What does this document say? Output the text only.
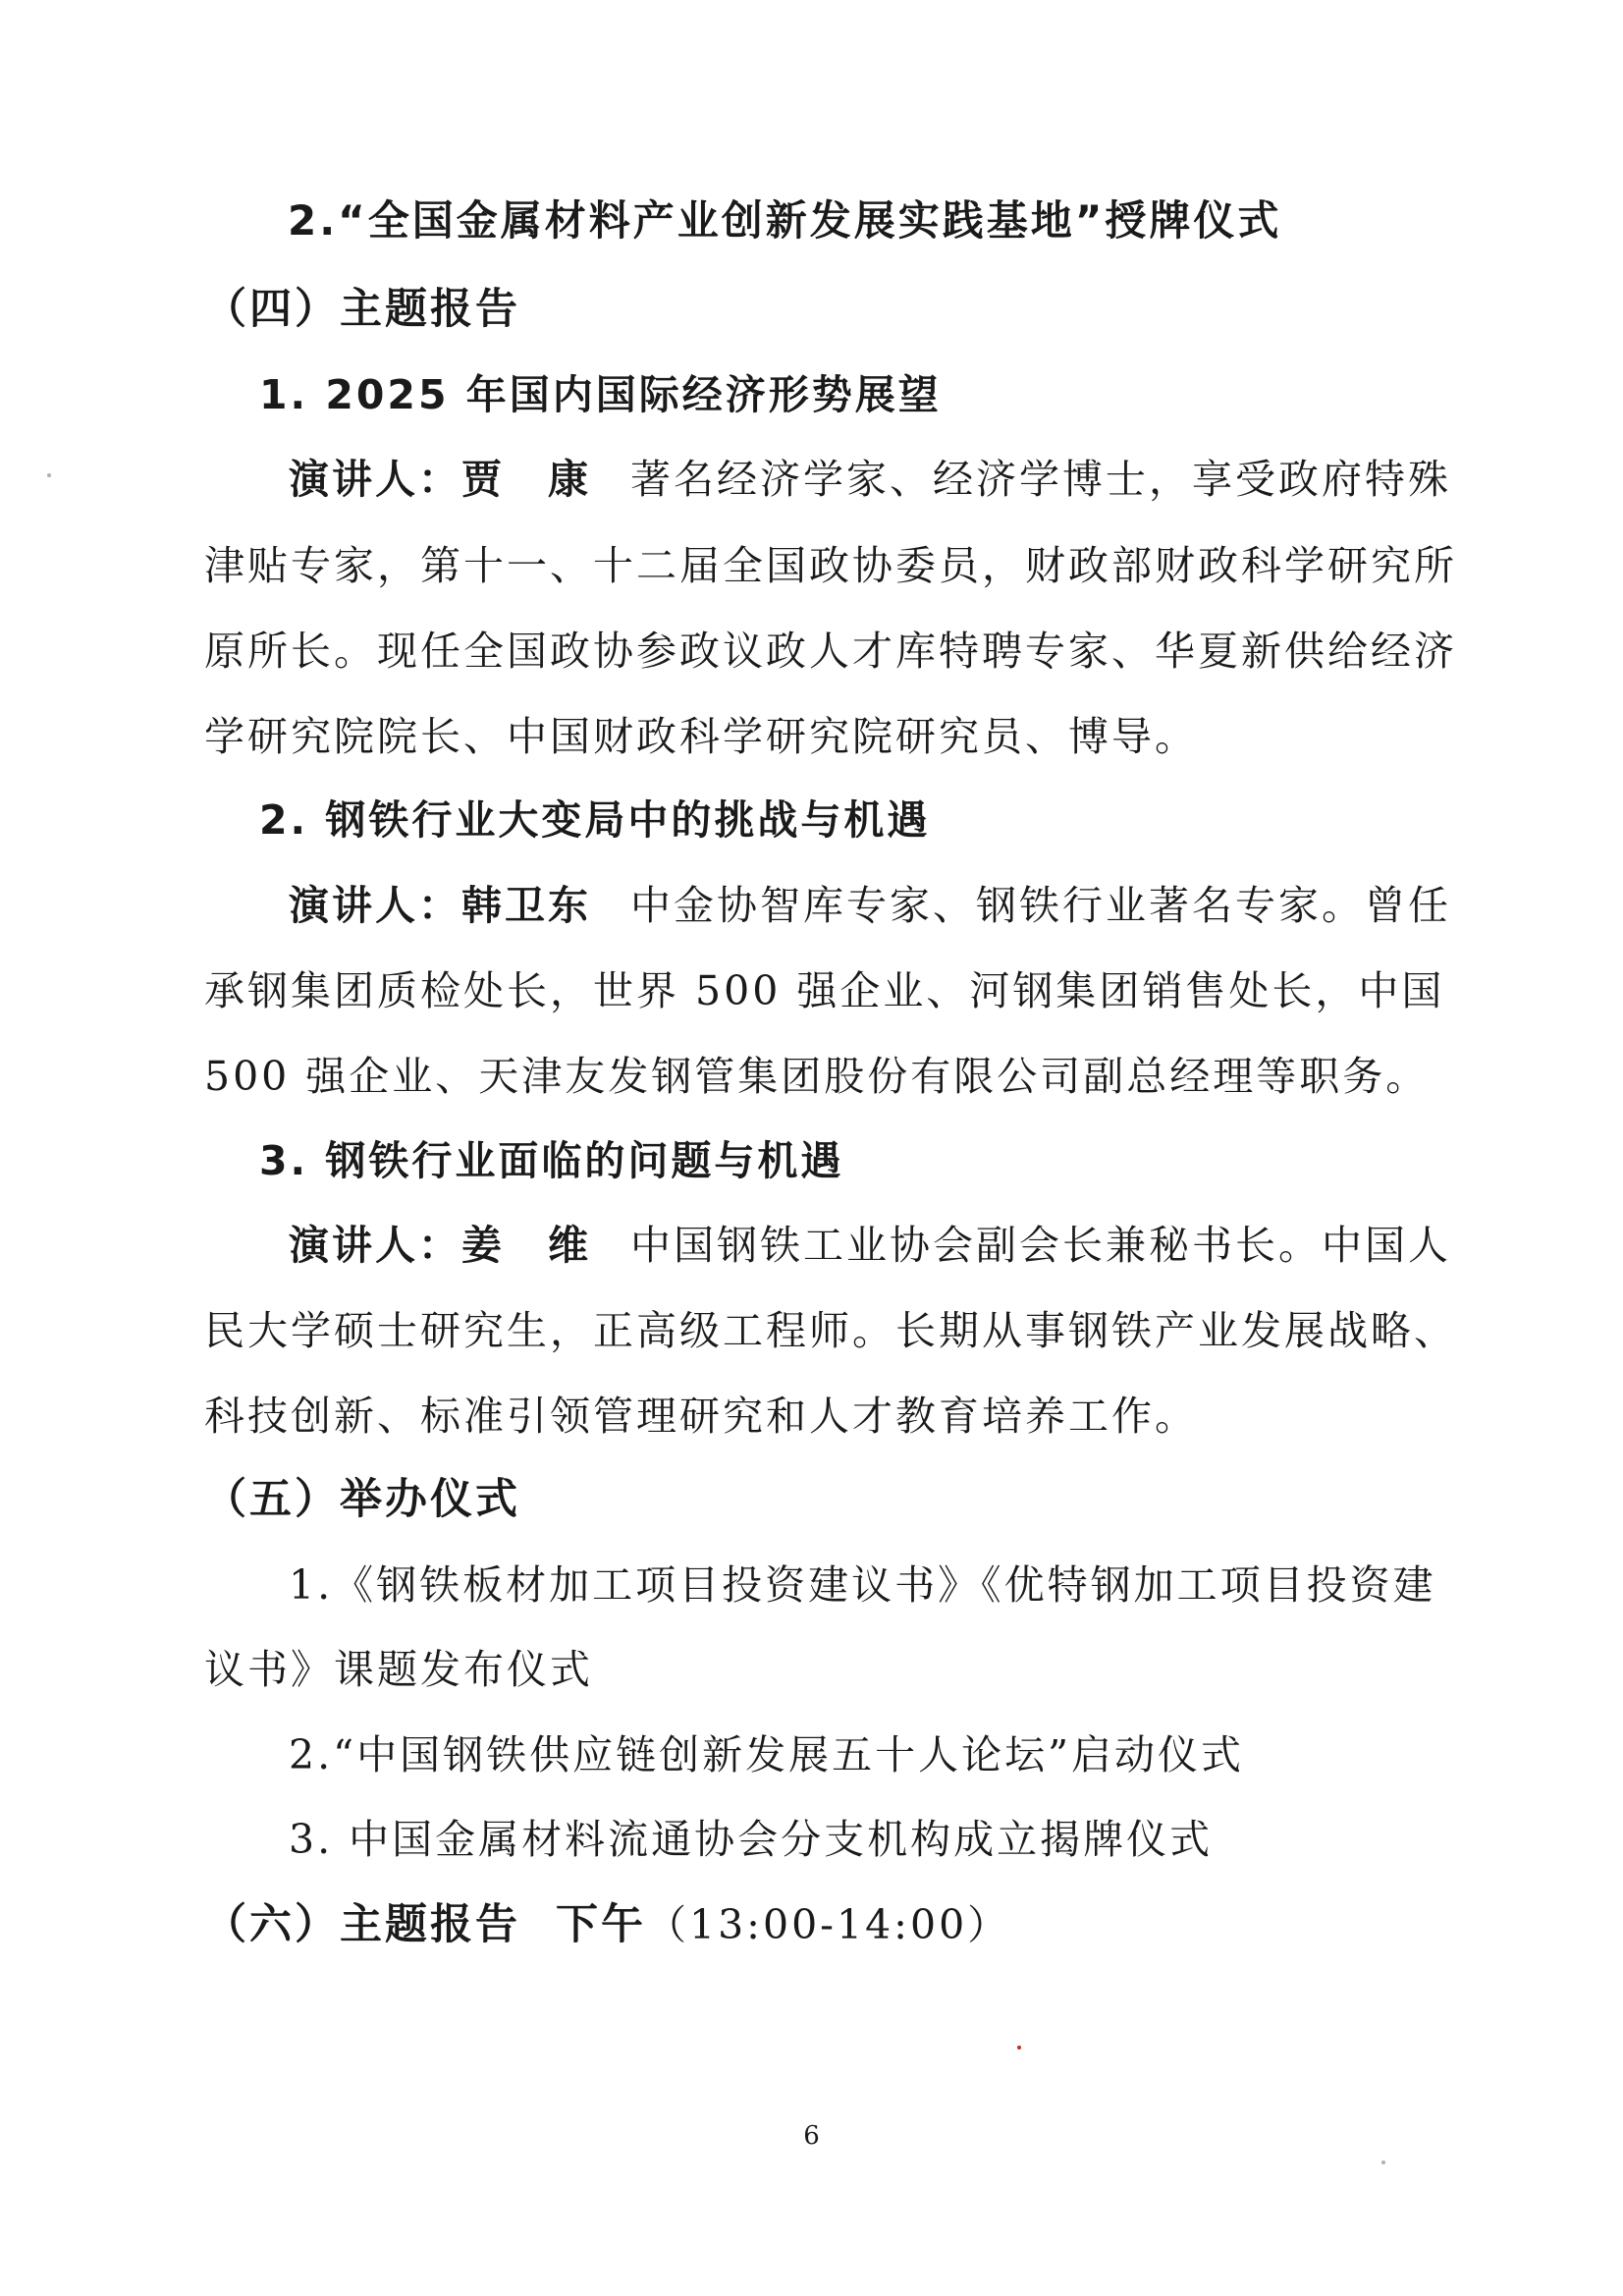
2.“全国金属材料产业创新发展实践基地”授牌仪式
（四）主题报告
1. 2025 年国内国际经济形势展望
演讲人：贾　康 著名经济学家、经济学博士，享受政府特殊
津贴专家，第十一、十二届全国政协委员，财政部财政科学研究所
原所长。现任全国政协参政议政人才库特聘专家、华夏新供给经济
学研究院院长、中国财政科学研究院研究员、博导。
2. 钢铁行业大变局中的挑战与机遇
演讲人：韩卫东 中金协智库专家、钢铁行业著名专家。曾任
承钢集团质检处长，世界 500 强企业、河钢集团销售处长，中国
500 强企业、天津友发钢管集团股份有限公司副总经理等职务。
3. 钢铁行业面临的问题与机遇
演讲人：姜　维 中国钢铁工业协会副会长兼秘书长。中国人
民大学硕士研究生，正高级工程师。长期从事钢铁产业发展战略、
科技创新、标准引领管理研究和人才教育培养工作。
（五）举办仪式
1.《钢铁板材加工项目投资建议书》《优特钢加工项目投资建
议书》课题发布仪式
2.“中国钢铁供应链创新发展五十人论坛”启动仪式
3. 中国金属材料流通协会分支机构成立揭牌仪式
（六）主题报告 下午（13:00-14:00）
6
